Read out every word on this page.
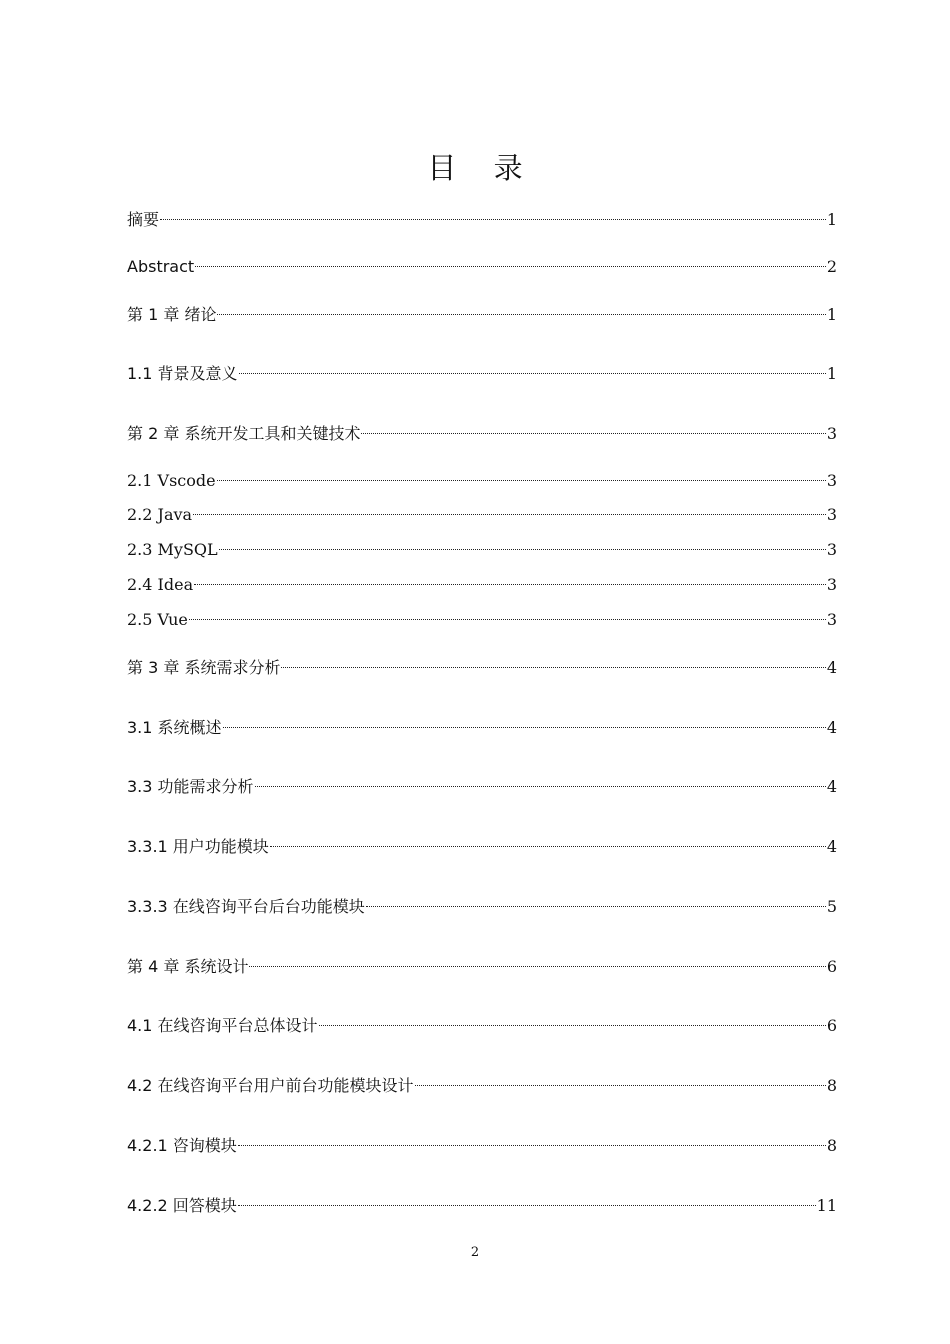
目 录
摘要	1
Abstract	2
第 1 章 绪论	1
1.1 背景及意义	1
第 2 章 系统开发工具和关键技术	3
2.1 Vscode	3
2.2 Java	3
2.3 MySQL	3
2.4 Idea	3
2.5 Vue	3
第 3 章 系统需求分析	4
3.1 系统概述	4
3.3 功能需求分析	4
3.3.1 用户功能模块	4
3.3.3 在线咨询平台后台功能模块	5
第 4 章 系统设计	6
4.1 在线咨询平台总体设计	6
4.2 在线咨询平台用户前台功能模块设计	8
4.2.1 咨询模块	8
4.2.2 回答模块	11
2
